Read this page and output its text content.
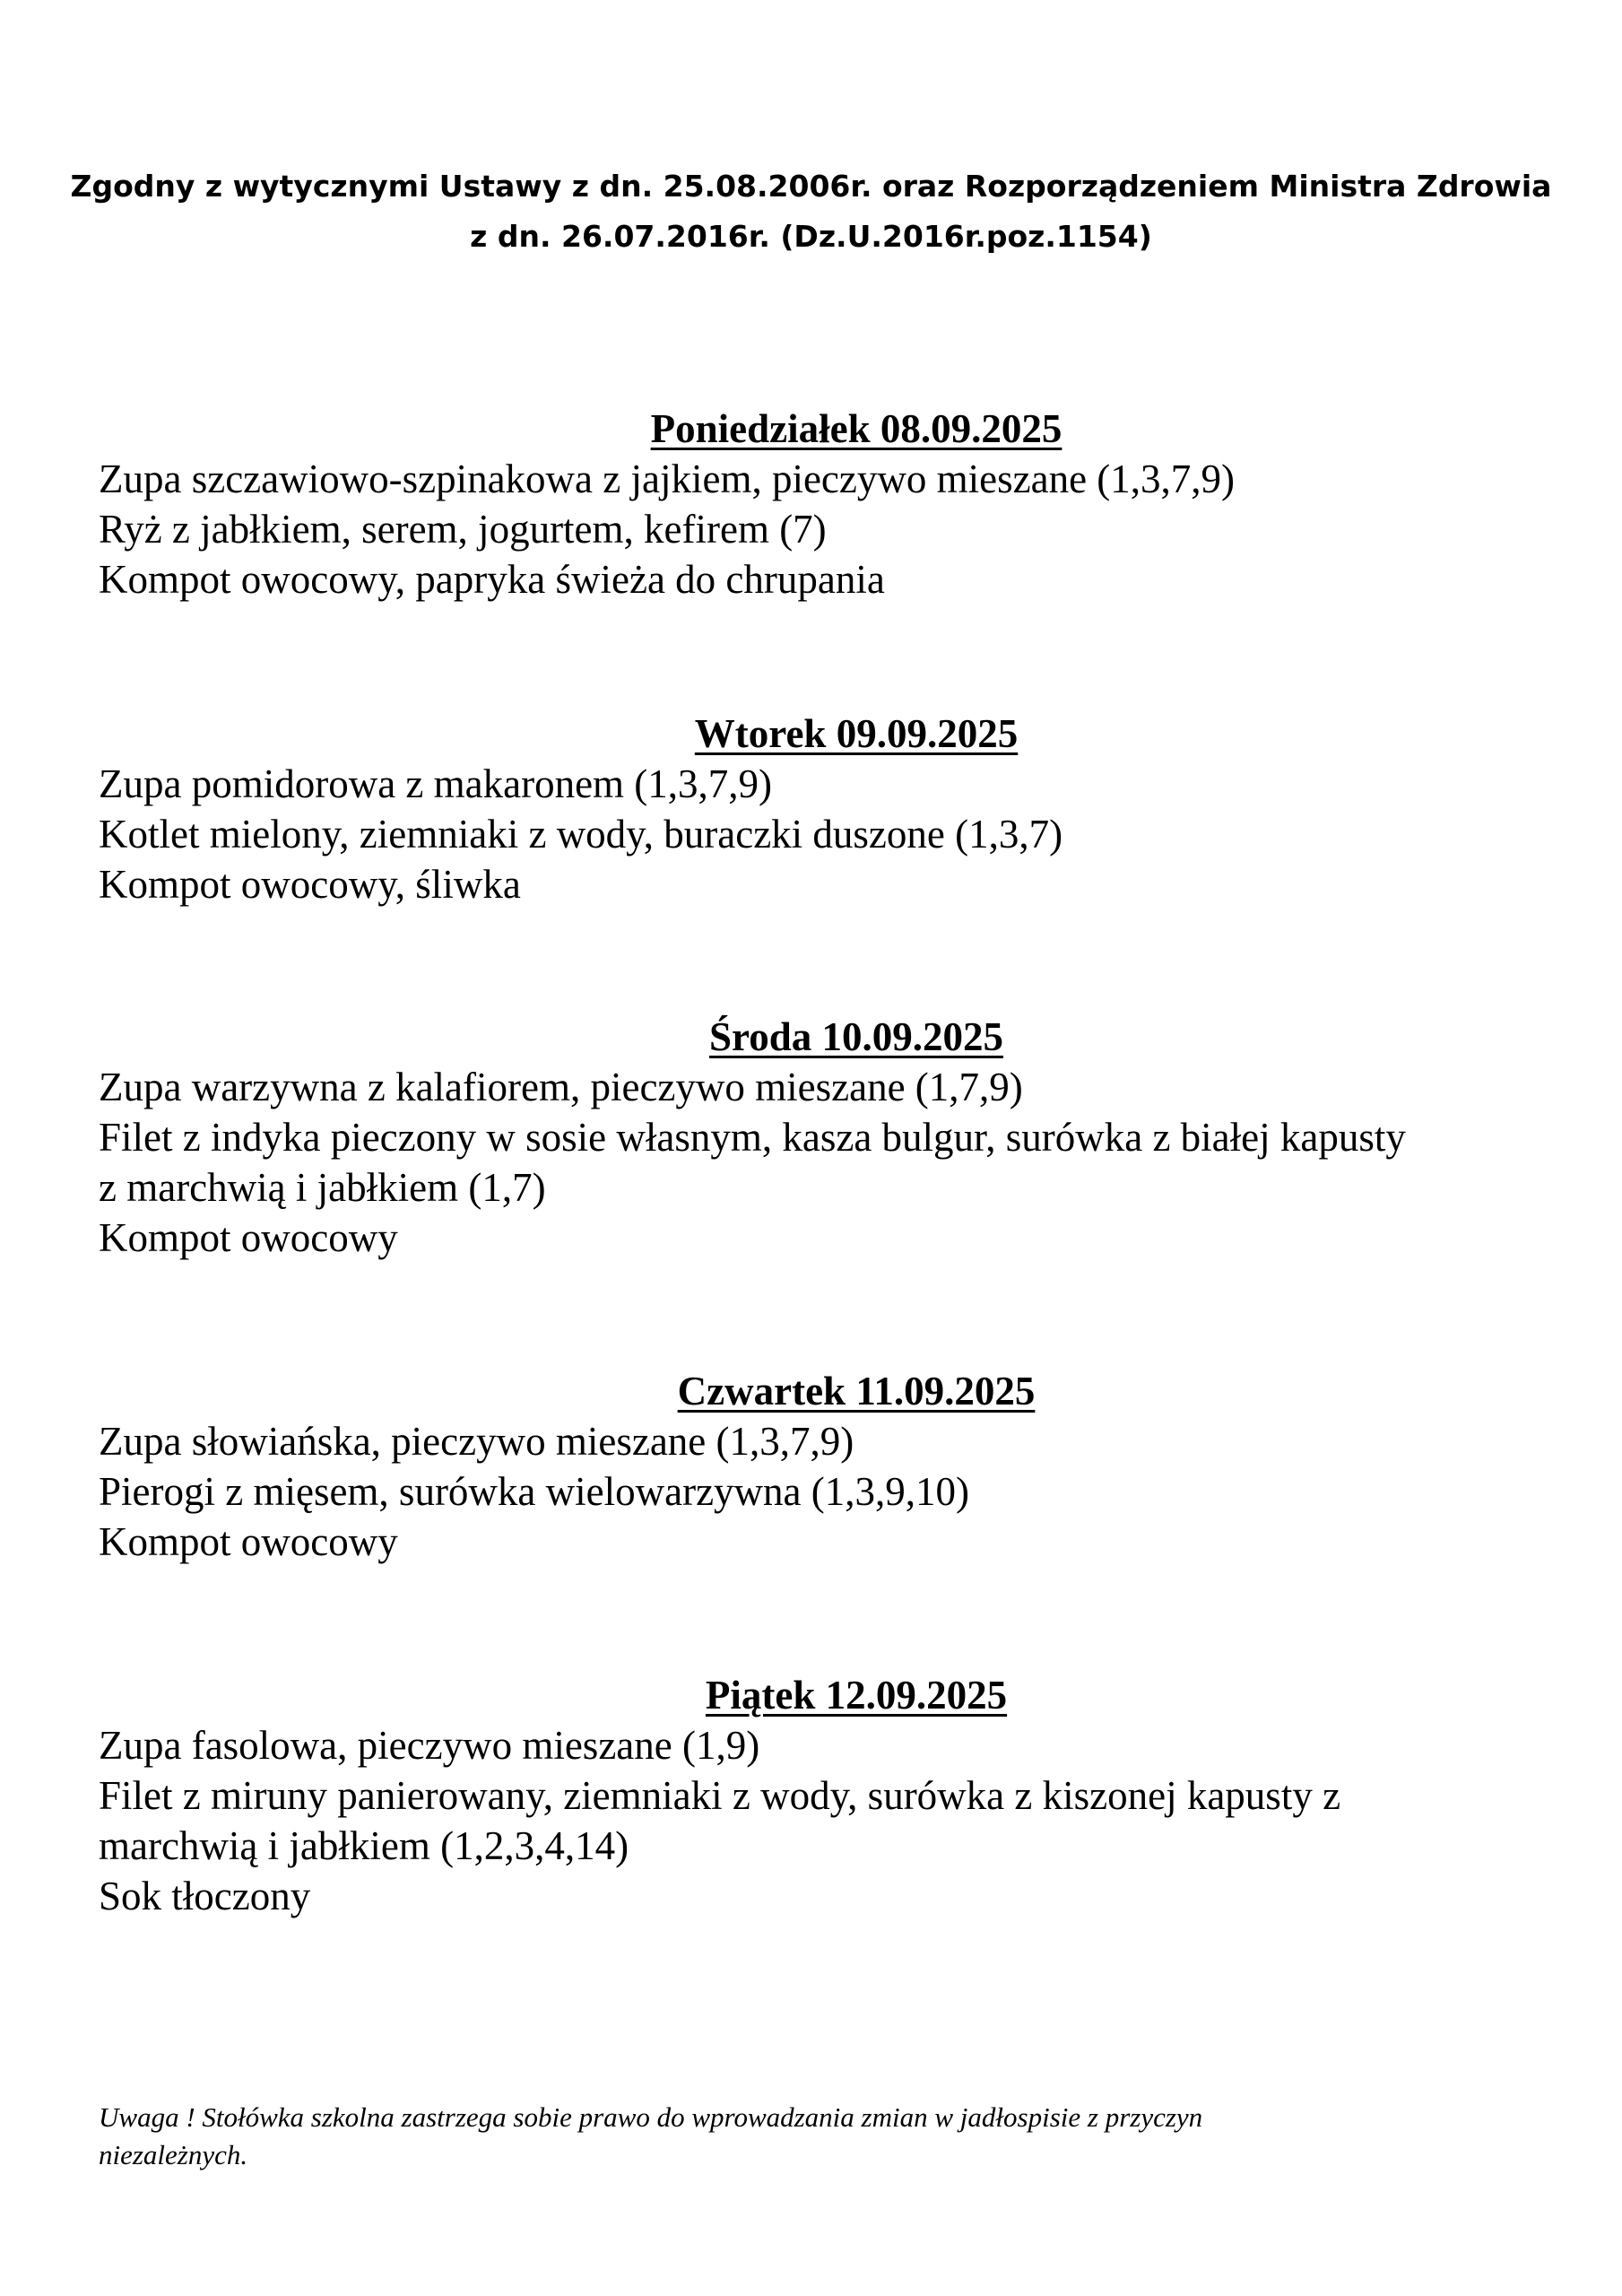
Zgodny z wytycznymi Ustawy z dn. 25.08.2006r. oraz Rozporządzeniem Ministra Zdrowia
z dn. 26.07.2016r. (Dz.U.2016r.poz.1154)
Poniedziałek 08.09.2025
Zupa szczawiowo-szpinakowa z jajkiem, pieczywo mieszane (1,3,7,9)
Ryż z jabłkiem, serem, jogurtem, kefirem (7)
Kompot owocowy, papryka świeża do chrupania
Wtorek 09.09.2025
Zupa pomidorowa z makaronem (1,3,7,9)
Kotlet mielony, ziemniaki z wody, buraczki duszone (1,3,7)
Kompot owocowy, śliwka
Środa 10.09.2025
Zupa warzywna z kalafiorem, pieczywo mieszane (1,7,9)
Filet z indyka pieczony w sosie własnym, kasza bulgur, surówka z białej kapusty
z marchwią i jabłkiem (1,7)
Kompot owocowy
Czwartek 11.09.2025
Zupa słowiańska, pieczywo mieszane (1,3,7,9)
Pierogi z mięsem, surówka wielowarzywna (1,3,9,10)
Kompot owocowy
Piątek 12.09.2025
Zupa fasolowa, pieczywo mieszane (1,9)
Filet z miruny panierowany, ziemniaki z wody, surówka z kiszonej kapusty z
marchwią i jabłkiem (1,2,3,4,14)
Sok tłoczony
Uwaga ! Stołówka szkolna zastrzega sobie prawo do wprowadzania zmian w jadłospisie z przyczyn
niezależnych.
